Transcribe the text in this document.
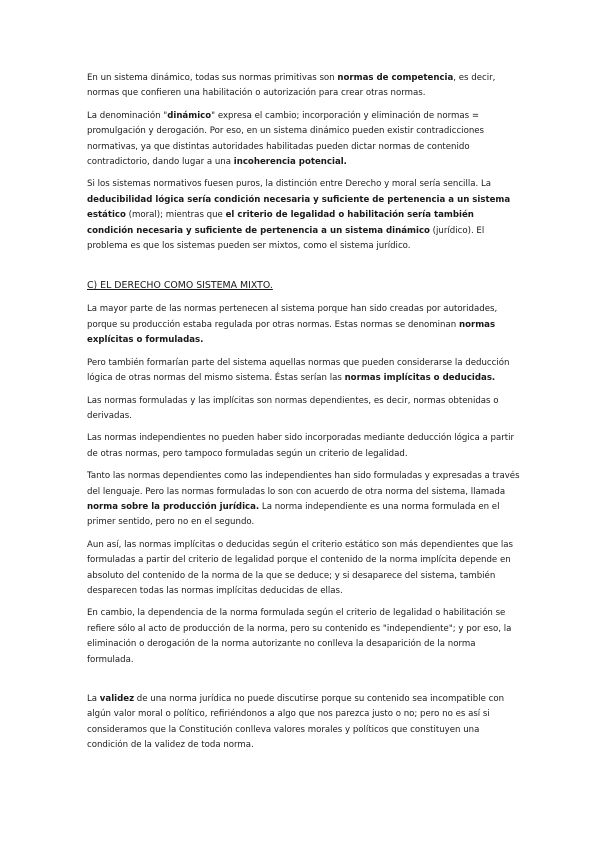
En un sistema dinámico, todas sus normas primitivas son normas de competencia, es decir, normas que confieren una habilitación o autorización para crear otras normas.

La denominación "dinámico" expresa el cambio; incorporación y eliminación de normas = promulgación y derogación. Por eso, en un sistema dinámico pueden existir contradicciones normativas, ya que distintas autoridades habilitadas pueden dictar normas de contenido contradictorio, dando lugar a una incoherencia potencial.

Si los sistemas normativos fuesen puros, la distinción entre Derecho y moral sería sencilla. La deducibilidad lógica sería condición necesaria y suficiente de pertenencia a un sistema estático (moral); mientras que el criterio de legalidad o habilitación sería también condición necesaria y suficiente de pertenencia a un sistema dinámico (jurídico). El problema es que los sistemas pueden ser mixtos, como el sistema jurídico.

C) EL DERECHO COMO SISTEMA MIXTO.

La mayor parte de las normas pertenecen al sistema porque han sido creadas por autoridades, porque su producción estaba regulada por otras normas. Estas normas se denominan normas explícitas o formuladas.

Pero también formarían parte del sistema aquellas normas que pueden considerarse la deducción lógica de otras normas del mismo sistema. Éstas serían las normas implícitas o deducidas.

Las normas formuladas y las implícitas son normas dependientes, es decir, normas obtenidas o derivadas.

Las normas independientes no pueden haber sido incorporadas mediante deducción lógica a partir de otras normas, pero tampoco formuladas según un criterio de legalidad.

Tanto las normas dependientes como las independientes han sido formuladas y expresadas a través del lenguaje. Pero las normas formuladas lo son con acuerdo de otra norma del sistema, llamada norma sobre la producción jurídica. La norma independiente es una norma formulada en el primer sentido, pero no en el segundo.

Aun así, las normas implícitas o deducidas según el criterio estático son más dependientes que las formuladas a partir del criterio de legalidad porque el contenido de la norma implícita depende en absoluto del contenido de la norma de la que se deduce; y si desaparece del sistema, también desparecen todas las normas implícitas deducidas de ellas.

En cambio, la dependencia de la norma formulada según el criterio de legalidad o habilitación se refiere sólo al acto de producción de la norma, pero su contenido es "independiente"; y por eso, la eliminación o derogación de la norma autorizante no conlleva la desaparición de la norma formulada.

La validez de una norma jurídica no puede discutirse porque su contenido sea incompatible con algún valor moral o político, refiriéndonos a algo que nos parezca justo o no; pero no es así si consideramos que la Constitución conlleva valores morales y políticos que constituyen una condición de la validez de toda norma.
